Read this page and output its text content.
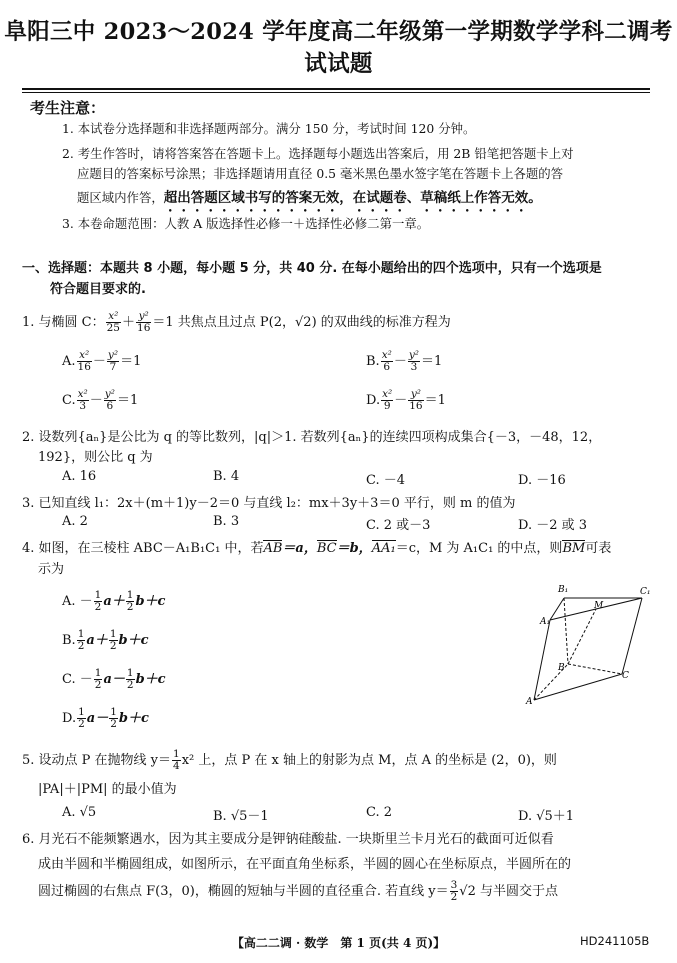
阜阳三中 2023～2024 学年度高二年级第一学期数学学科二调考试试题
考生注意：
1. 本试卷分选择题和非选择题两部分。满分 150 分，考试时间 120 分钟。
2. 考生作答时，请将答案答在答题卡上。选择题每小题选出答案后，用 2B 铅笔把答题卡上对
应题目的答案标号涂黑；非选择题请用直径 0.5 毫米黑色墨水签字笔在答题卡上各题的答
题区域内作答，超出答题区域书写的答案无效，在试题卷、草稿纸上作答无效。
3. 本卷命题范围：人教 A 版选择性必修一＋选择性必修二第一章。
一、选择题：本题共 8 小题，每小题 5 分，共 40 分. 在每小题给出的四个选项中，只有一个选项是
符合题目要求的.
1. 与椭圆 C： $\frac{\text{x²}}{25} + \frac{\text{y²}}{16} =1$ 共焦点且过点 P(2，√2) 的双曲线的标准方程为
A. $\frac{\text{x²}}{16} - \frac{\text{y²}}{7} =1$	B. $\frac{\text{x²}}{6} - \frac{\text{y²}}{3} =1$
C. $\frac{\text{x²}}{3} - \frac{\text{y²}}{6} =1$	D. $\frac{\text{x²}}{9} - \frac{\text{y²}}{16} =1$
2. 设数列{aₙ}是公比为 q 的等比数列，|q|＞1. 若数列{aₙ}的连续四项构成集合{－3，－48，12，
192}，则公比 q 为
A. 16	B. 4	C. －4	D. －16
3. 已知直线 l₁：2x＋(m＋1)y－2＝0 与直线 l₂：mx＋3y＋3＝0 平行，则 m 的值为
A. 2	B. 3	C. 2 或－3	D. －2 或 3
4. 如图，在三棱柱 ABC－A₁B₁C₁ 中，若AB＝a，BC＝b，AA₁＝c，M 为 A₁C₁ 的中点，则BM可表
示为
A. － $\frac{1}{2} a+ \frac{1}{2} b+c$
B. $\frac{1}{2} a+ \frac{1}{2} b+c$
C. － $\frac{1}{2} a- \frac{1}{2} b+c$
D. $\frac{1}{2} a- \frac{1}{2} b+c$
B₁	C₁
A₁
M
B
C
A
5. 设动点 P 在抛物线 $y= \frac{1}{4} x^2$ 上，点 P 在 x 轴上的射影为点 M，点 A 的坐标是 (2，0)，则
|PA|＋|PM| 的最小值为
A. √5	B. √5－1	C. 2	D. √5＋1
6. 月光石不能频繁遇水，因为其主要成分是钾钠硅酸盐. 一块斯里兰卡月光石的截面可近似看
成由半圆和半椭圆组成，如图所示，在平面直角坐标系，半圆的圆心在坐标原点，半圆所在的
圆过椭圆的右焦点 F(3，0)，椭圆的短轴与半圆的直径重合. 若直线 $y= \frac{3}{2} √2$ 与半圆交于点
【高二二调 · 数学　第 1 页(共 4 页)】	HD241105B
